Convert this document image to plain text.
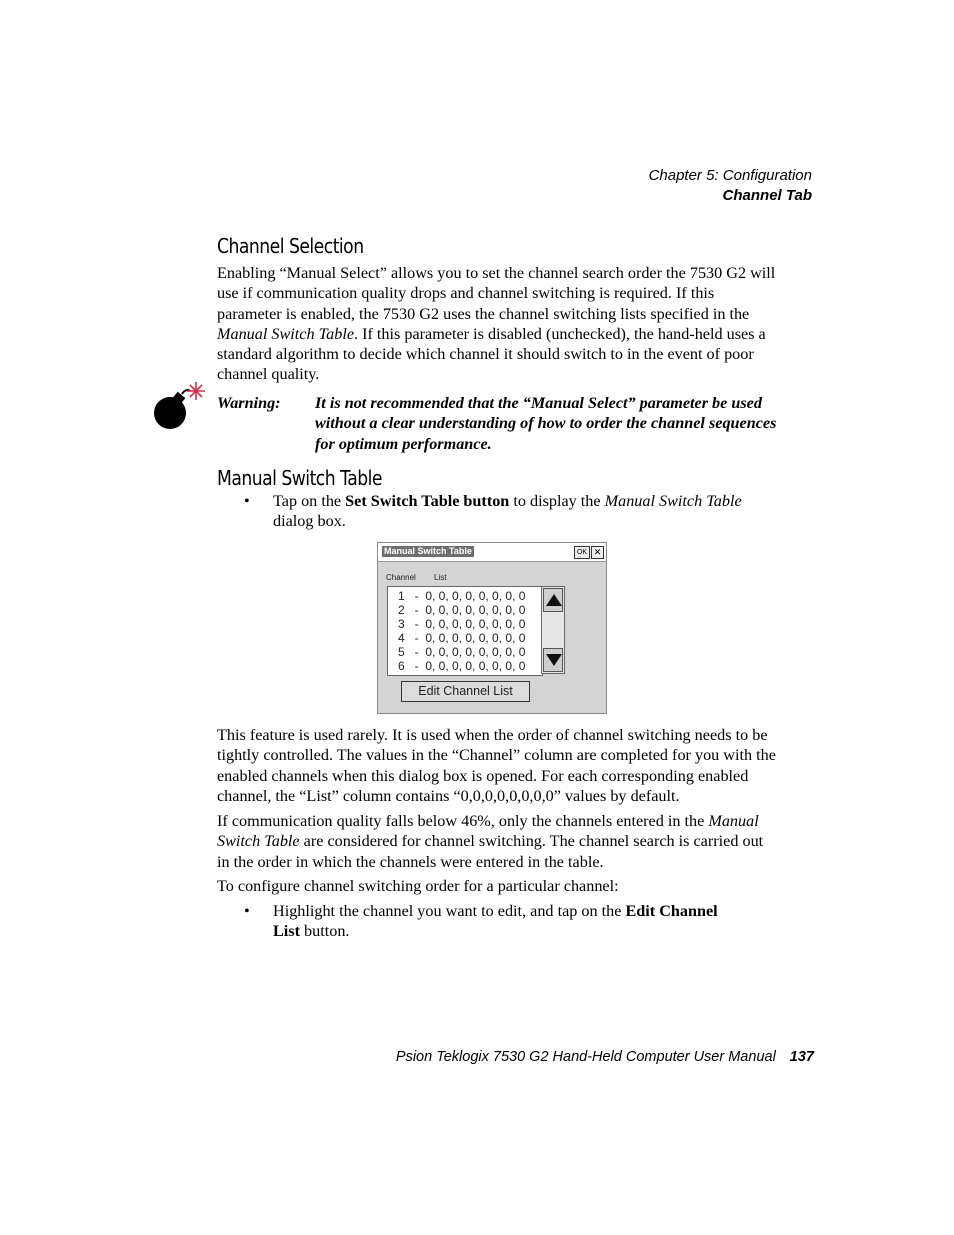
Chapter 5: Configuration
Channel Tab
Channel Selection

Enabling “Manual Select” allows you to set the channel search order the 7530 G2 will use if communication quality drops and channel switching is required. If this parameter is enabled, the 7530 G2 uses the channel switching lists specified in the Manual Switch Table. If this parameter is disabled (unchecked), the hand-held uses a standard algorithm to decide which channel it should switch to in the event of poor channel quality.

Warning: It is not recommended that the “Manual Select” parameter be used without a clear understanding of how to order the channel sequences for optimum performance.
Manual Switch Table
• Tap on the Set Switch Table button to display the Manual Switch Table dialog box.
Manual Switch Table	OK ✕
Channel List
1   -  0, 0, 0, 0, 0, 0, 0, 0
2   -  0, 0, 0, 0, 0, 0, 0, 0
3   -  0, 0, 0, 0, 0, 0, 0, 0
4   -  0, 0, 0, 0, 0, 0, 0, 0
5   -  0, 0, 0, 0, 0, 0, 0, 0
6   -  0, 0, 0, 0, 0, 0, 0, 0
Edit Channel List

This feature is used rarely. It is used when the order of channel switching needs to be tightly controlled. The values in the “Channel” column are completed for you with the enabled channels when this dialog box is opened. For each corresponding enabled channel, the “List” column contains “0,0,0,0,0,0,0,0” values by default.

If communication quality falls below 46%, only the channels entered in the Manual Switch Table are considered for channel switching. The channel search is carried out in the order in which the channels were entered in the table.

To configure channel switching order for a particular channel:

• Highlight the channel you want to edit, and tap on the Edit Channel List button.
Psion Teklogix 7530 G2 Hand-Held Computer User Manual 137
